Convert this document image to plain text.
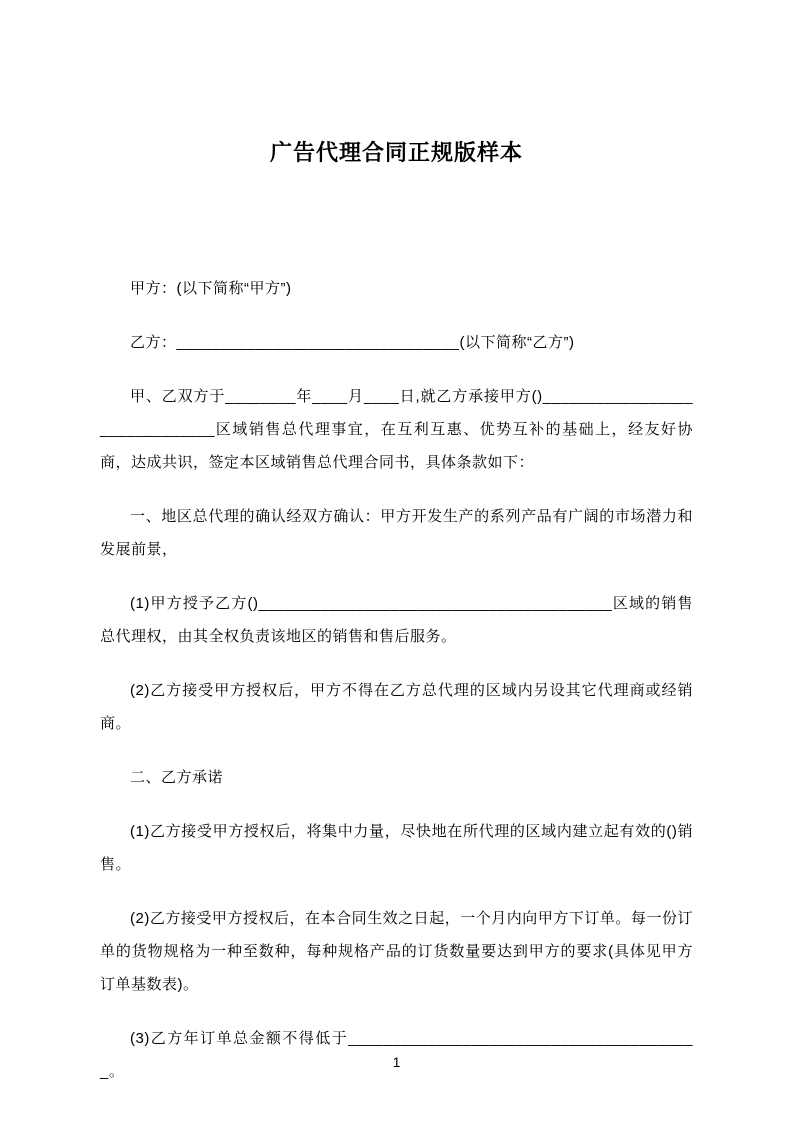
广告代理合同正规版样本

甲方：(以下简称“甲方”)

乙方：________________________________(以下简称“乙方”)

甲、乙双方于________年____月____日,就乙方承接甲方()______________________________区域销售总代理事宜，在互利互惠、优势互补的基础上，经友好协商，达成共识，签定本区域销售总代理合同书，具体条款如下：

一、地区总代理的确认经双方确认：甲方开发生产的系列产品有广阔的市场潜力和发展前景，

(1)甲方授予乙方()________________________________________区域的销售总代理权，由其全权负责该地区的销售和售后服务。

(2)乙方接受甲方授权后，甲方不得在乙方总代理的区域内另设其它代理商或经销商。

二、乙方承诺

(1)乙方接受甲方授权后，将集中力量，尽快地在所代理的区域内建立起有效的()销售。

(2)乙方接受甲方授权后，在本合同生效之日起，一个月内向甲方下订单。每一份订单的货物规格为一种至数种，每种规格产品的订货数量要达到甲方的要求(具体见甲方订单基数表)。

(3)乙方年订单总金额不得低于________________________________________。

1
